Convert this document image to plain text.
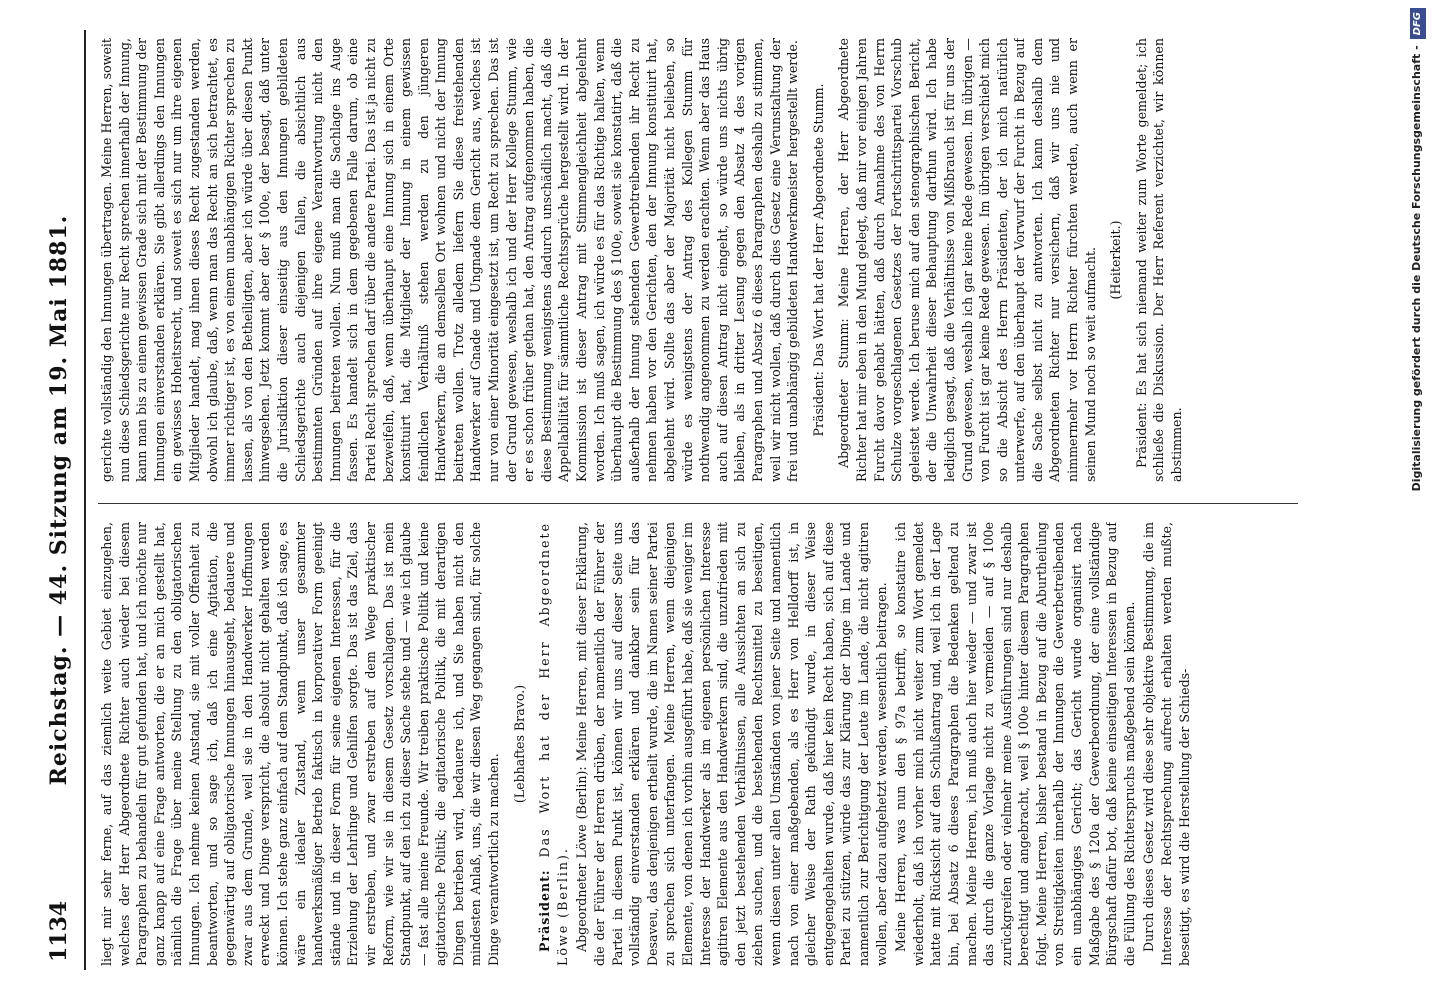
1134
Reichstag. — 44. Sitzung am 19. Mai 1881. liegt mir sehr ferne, auf das ziemlich weite Gebiet einzugehen, welches der Herr Abgeordnete Richter auch wieder bei diesem Paragraphen zu behandeln für gut gefunden hat, und ich möchte nur ganz knapp auf eine Frage antworten, die er an mich gestellt hat, nämlich die Frage über meine Stellung zu den obligatorischen Innungen. Ich nehme keinen Anstand, sie mit voller Offenheit zu beantworten, und so sage ich, daß ich eine Agitation, die gegenwärtig auf obligatorische Innungen hinausgeht, bedauere und zwar aus dem Grunde, weil sie in den Handwerker Hoffnungen erweckt und Dinge verspricht, die absolut nicht gehalten werden können. Ich stehe ganz einfach auf dem Standpunkt, daß ich sage, es wäre ein idealer Zustand, wenn unser gesammter handwerksmäßiger Betrieb faktisch in korporativer Form geeinigt stände und in dieser Form für seine eigenen Interessen, für die Erziehung der Lehrlinge und Gehilfen sorgte. Das ist das Ziel, das wir erstreben, und zwar erstreben auf dem Wege praktischer Reform, wie wir sie in diesem Gesetz vorschlagen. Das ist mein Standpunkt, auf den ich zu dieser Sache stehe und — wie ich glaube — fast alle meine Freunde. Wir treiben praktische Politik und keine agitatorische Politik; die agitatorische Politik, die mit derartigen Dingen betrieben wird, bedauere ich, und Sie haben nicht den mindesten Anlaß, uns, die wir diesen Weg gegangen sind, für solche Dinge verantwortlich zu machen.

(Lebhaftes Bravo.)

Präsident: Das Wort hat der Herr Abgeordnete Löwe (Berlin). Abgeordneter Löwe (Berlin): Meine Herren, mit dieser Erklärung, die der Führer der Herren drüben, der namentlich der Führer der Partei in diesem Punkt ist, können wir uns auf dieser Seite uns vollständig einverstanden erklären und dankbar sein für das Desaveu, das denjenigen ertheilt wurde, die im Namen seiner Partei zu sprechen sich unterfangen. Meine Herren, wenn diejenigen Elemente, von denen ich vorhin ausgeführt habe, daß sie weniger im Interesse der Handwerker als im eigenen persönlichen Interesse agitiren Elemente aus den Handwerkern sind, die unzufrieden mit den jetzt bestehenden Verhältnissen, alle Aussichten an sich zu ziehen suchen, und die bestehenden Rechtsmittel zu beseitigen, wenn diesen unter allen Umständen von jener Seite und namentlich nach von einer maßgebenden, als es Herr von Helldorff ist, in gleicher Weise der Rath gekündigt wurde, in dieser Weise entgegengehalten wurde, daß hier kein Recht haben, sich auf diese Partei zu stützen, würde das zur Klärung der Dinge im Lande und namentlich zur Berichtigung der Leute im Lande, die nicht agitiren wollen, aber dazu aufgehetzt werden, wesentlich beitragen. Meine Herren, was nun den § 97a betrifft, so konstatire ich wiederholt, daß ich vorher mich nicht weiter zum Wort gemeldet hatte mit Rücksicht auf den Schlußantrag und, weil ich in der Lage bin, bei Absatz 6 dieses Paragraphen die Bedenken geltend zu machen. Meine Herren, ich muß auch hier wieder — und zwar ist das durch die ganze Vorlage nicht zu vermeiden — auf § 100e zurückgreifen oder vielmehr meine Ausführungen sind nur deshalb berechtigt und angebracht, weil § 100e hinter diesem Paragraphen folgt. Meine Herren, bisher bestand in Bezug auf die Aburtheilung von Streitigkeiten innerhalb der Innungen die Gewerbetreibenden ein unabhängiges Gericht; das Gericht wurde organisirt nach Maßgabe des § 120a der Gewerbeordnung, der eine vollständige Bürgschaft dafür bot, daß keine einseitigen Interessen in Bezug auf die Füllung des Richterspruchs maßgebend sein können. Durch dieses Gesetz wird diese sehr objektive Bestimmung, die im Interesse der Rechtsprechung aufrecht erhalten werden mußte, beseitigt, es wird die Herstellung der Schieds-

gerichte vollständig den Innungen übertragen. Meine Herren, soweit nun diese Schiedsgerichte nur Recht sprechen innerhalb der Innung, kann man bis zu einem gewissen Grade sich mit der Bestimmung der Innungen einverstanden erklären. Sie gibt allerdings den Innungen ein gewisses Hoheitsrecht, und soweit es sich nur um ihre eigenen Mitglieder handelt, mag ihnen dieses Recht zugestanden werden, obwohl ich glaube, daß, wenn man das Recht an sich betrachtet, es immer richtiger ist, es von einem unabhängigen Richter sprechen zu lassen, als von den Betheiligten, aber ich würde über diesen Punkt hinwegsehen. Jetzt kommt aber der § 100e, der besagt, daß unter die Jurisdiktion dieser einseitig aus den Innungen gebildeten Schiedsgerichte auch diejenigen fallen, die absichtlich aus bestimmten Gründen auf ihre eigene Verantwortung nicht den Innungen beitreten wollen. Nun muß man die Sachlage ins Auge fassen. Es handelt sich in dem gegebenen Falle darum, ob eine Partei Recht sprechen darf über die andere Partei. Das ist ja nicht zu bezweifeln, daß, wenn überhaupt eine Innung sich in einem Orte konstituirt hat, die Mitglieder der Innung in einem gewissen feindlichen Verhältniß stehen werden zu den jüngeren Handwerkern, die an demselben Ort wohnen und nicht der Innung beitreten wollen. Trotz alledem liefern Sie diese freistehenden Handwerker auf Gnade und Ungnade dem Gericht aus, welches ist nur von einer Minorität eingesetzt ist, um Recht zu sprechen. Das ist der Grund gewesen, weshalb ich und der Herr Kollege Stumm, wie er es schon früher gethan hat, den Antrag aufgenommen haben, die diese Bestimmung wenigstens dadurch unschädlich macht, daß die Appellabilität für sämmtliche Rechtssprüche hergestellt wird. In der Kommission ist dieser Antrag mit Stimmengleichheit abgelehnt worden. Ich muß sagen, ich würde es für das Richtige halten, wenn überhaupt die Bestimmung des § 100e, soweit sie konstatirt, daß die außerhalb der Innung stehenden Gewerbtreibenden ihr Recht zu nehmen haben vor den Gerichten, den der Innung konstituirt hat, abgelehnt wird. Sollte das aber der Majorität nicht belieben, so würde es wenigstens der Antrag des Kollegen Stumm für nothwendig angenommen zu werden erachten. Wenn aber das Haus auch auf diesen Antrag nicht eingeht, so würde uns nichts übrig bleiben, als in dritter Lesung gegen den Absatz 4 des vorigen Paragraphen und Absatz 6 dieses Paragraphen deshalb zu stimmen, weil wir nicht wollen, daß durch dies Gesetz eine Verunstaltung der frei und unabhängig gebildeten Handwerkmeister hergestellt werde. Präsident: Das Wort hat der Herr Abgeordnete Stumm. Abgeordneter Stumm: Meine Herren, der Herr Abgeordnete Richter hat mir eben in den Mund gelegt, daß mir vor einigen Jahren Furcht davor gehabt hätten, daß durch Annahme des von Herrn Schulze vorgeschlagenen Gesetzes der Fortschrittspartei Vorschub geleistet werde. Ich beruse mich auf den stenographischen Bericht, der die Unwahrheit dieser Behauptung darthun wird. Ich habe lediglich gesagt, daß die Verhältnisse von Mißbrauch ist für uns der Grund gewesen, weshalb ich gar keine Rede gewesen. Im übrigen — von Furcht ist gar keine Rede gewesen. Im übrigen verschiebt mich so die Absicht des Herrn Präsidenten, der ich mich natürlich unterwerfe, auf den überhaupt der Vorwurf der Furcht in Bezug auf die Sache selbst nicht zu antworten. Ich kann deshalb dem Abgeordneten Richter nur versichern, daß wir uns nie und nimmermehr vor Herrn Richter fürchten werden, auch wenn er seinen Mund noch so weit aufmacht. (Heiterkeit.) Präsident: Es hat sich niemand weiter zum Worte gemeldet; ich schließe die Diskussion. Der Herr Referent verzichtet, wir können abstimmen.	Digitalisierung gefördert durch die Deutsche Forschungsgemeinschaft -DFG
